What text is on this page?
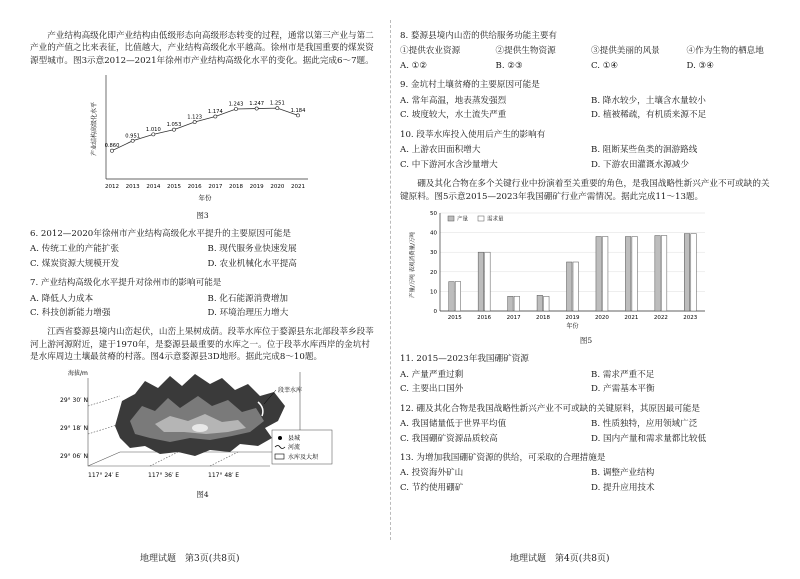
产业结构高级化即产业结构由低级形态向高级形态转变的过程，通常以第三产业与第二产业的产值之比来表征，比值越大，产业结构高级化水平越高。徐州市是我国重要的煤炭资源型城市。图3示意2012—2021年徐州市产业结构高级化水平的变化。据此完成6～7题。

产业结构高级化水平
年份
0.860
2012
0.951
2013
1.010
2014
1.053
2015
1.123
2016
1.174
2017
1.243
2018
1.247
2019
1.251
2020
1.184
2021
图3
6. 2012—2020年徐州市产业结构高级化水平提升的主要原因可能是
A. 传统工业的产能扩张	B. 现代服务业快速发展
C. 煤炭资源大规模开发	D. 农业机械化水平提高
7. 产业结构高级化水平提升对徐州市的影响可能是
A. 降低人力成本	B. 化石能源消费增加
C. 科技创新能力增强	D. 环境治理压力增大

江西省婺源县境内山峦起伏，山峦上果树成荫。段莘水库位于婺源县东北部段莘乡段莘河上游河源附近，建于1970年，是婺源县最重要的水库之一。位于段莘水库西岸的金坑村是水库周边土壤最贫瘠的村落。图4示意婺源县3D地形。据此完成8～10题。

海拔/m
段莘水库
29° 30′ N
29° 18′ N
29° 06′ N
117° 24′ E	117° 36′ E	117° 48′ E
县城
河流
水库及大坝
图4
8. 婺源县境内山峦的供给服务功能主要有
①提供农业资源	②提供生物资源	③提供美丽的风景	④作为生物的栖息地
A. ①②	B. ②③	C. ①④	D. ③④
9. 金坑村土壤贫瘠的主要原因可能是
A. 常年高温，地表蒸发强烈	B. 降水较少，土壤含水量较小
C. 坡度较大，水土流失严重	D. 植被稀疏，有机质来源不足
10. 段莘水库投入使用后产生的影响有
A. 上游农田面积增大	B. 阻断某些鱼类的洄游路线
C. 中下游河水含沙量增大	D. 下游农田灌溉水源减少

硼及其化合物在多个关键行业中扮演着至关重要的角色，是我国战略性新兴产业不可或缺的关键原料。图5示意2015—2023年我国硼矿行业产需情况。据此完成11～13题。

0
10
20
30
40
50
产量/万吨 表观消费量/万吨
年份
2015	2016	2017	2018	2019	2020	2021	2022	2023
产量	需求量
图5
11. 2015—2023年我国硼矿资源
A. 产量严重过剩	B. 需求严重不足
C. 主要出口国外	D. 产需基本平衡
12. 硼及其化合物是我国战略性新兴产业不可或缺的关键原料，其原因最可能是
A. 我国储量低于世界平均值	B. 性质独特，应用领域广泛
C. 我国硼矿资源品质较高	D. 国内产量和需求量都比较低
13. 为增加我国硼矿资源的供给，可采取的合理措施是
A. 投资海外矿山	B. 调整产业结构
C. 节约使用硼矿	D. 提升应用技术
地理试题　第3页(共8页)	地理试题　第4页(共8页)
